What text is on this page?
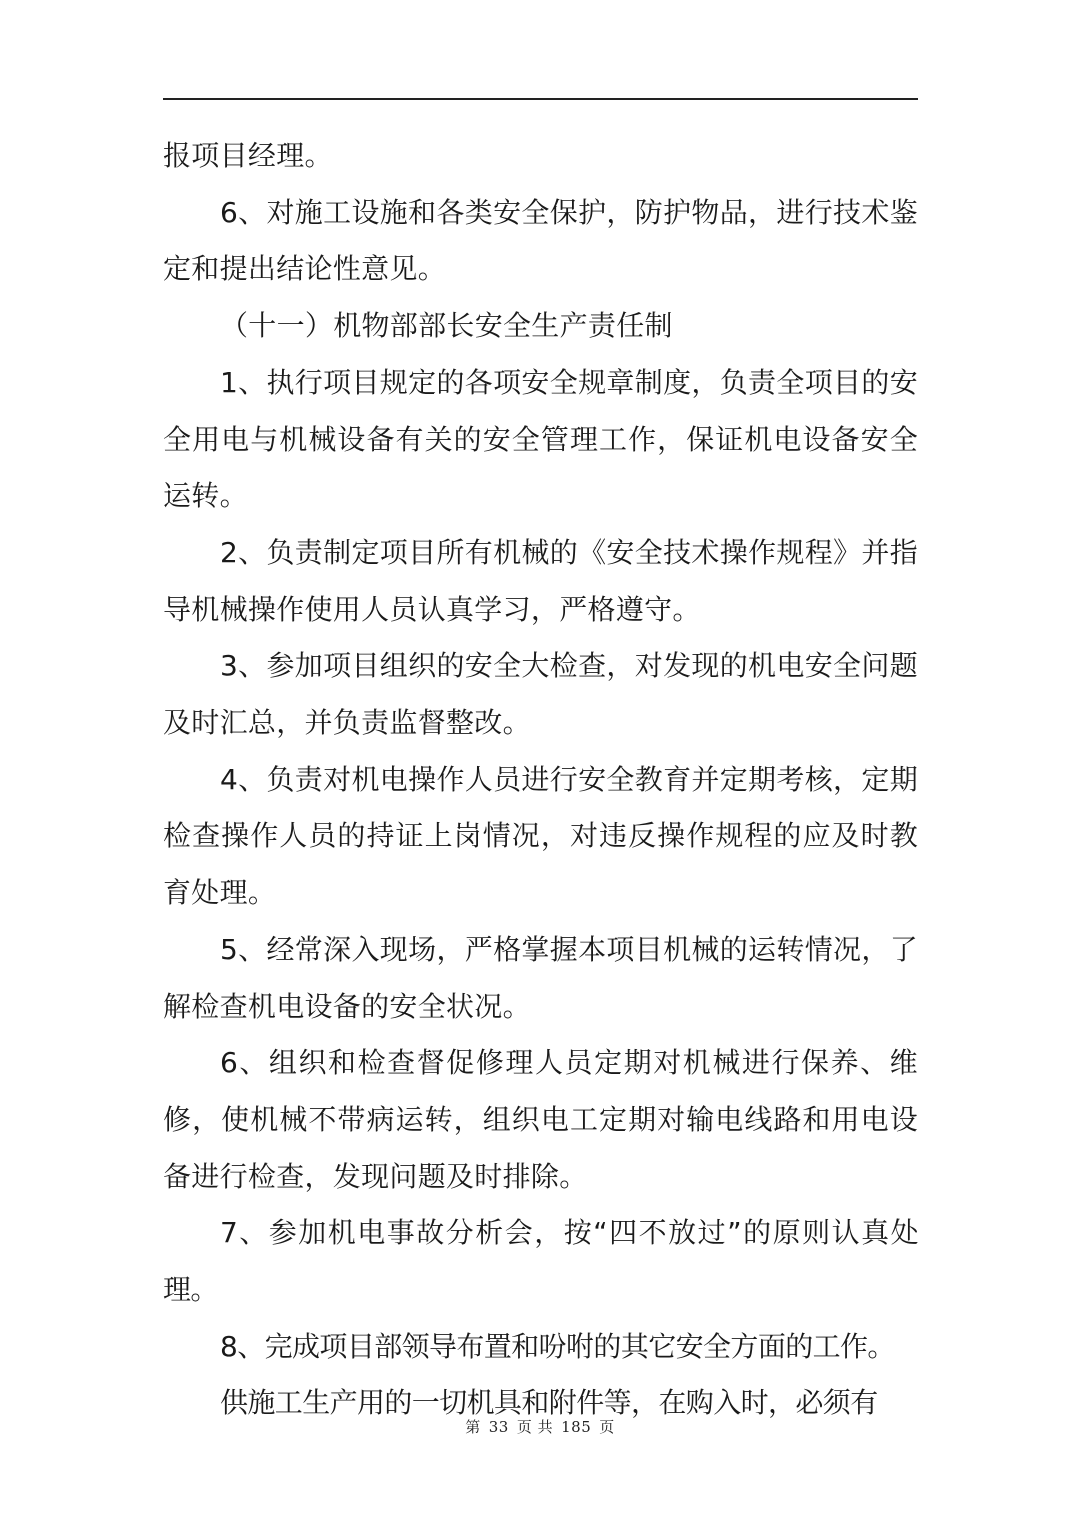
报项目经理。

6、对施工设施和各类安全保护，防护物品，进行技术鉴定和提出结论性意见。

（十一）机物部部长安全生产责任制

1、执行项目规定的各项安全规章制度，负责全项目的安全用电与机械设备有关的安全管理工作，保证机电设备安全运转。

2、负责制定项目所有机械的《安全技术操作规程》并指导机械操作使用人员认真学习，严格遵守。

3、参加项目组织的安全大检查，对发现的机电安全问题及时汇总，并负责监督整改。

4、负责对机电操作人员进行安全教育并定期考核，定期检查操作人员的持证上岗情况，对违反操作规程的应及时教育处理。

5、经常深入现场，严格掌握本项目机械的运转情况，了解检查机电设备的安全状况。

6、组织和检查督促修理人员定期对机械进行保养、维修，使机械不带病运转，组织电工定期对输电线路和用电设备进行检查，发现问题及时排除。

7、参加机电事故分析会，按“四不放过”的原则认真处理。

8、完成项目部领导布置和吩咐的其它安全方面的工作。

供施工生产用的一切机具和附件等，在购入时，必须有

第 33 页 共 185 页
